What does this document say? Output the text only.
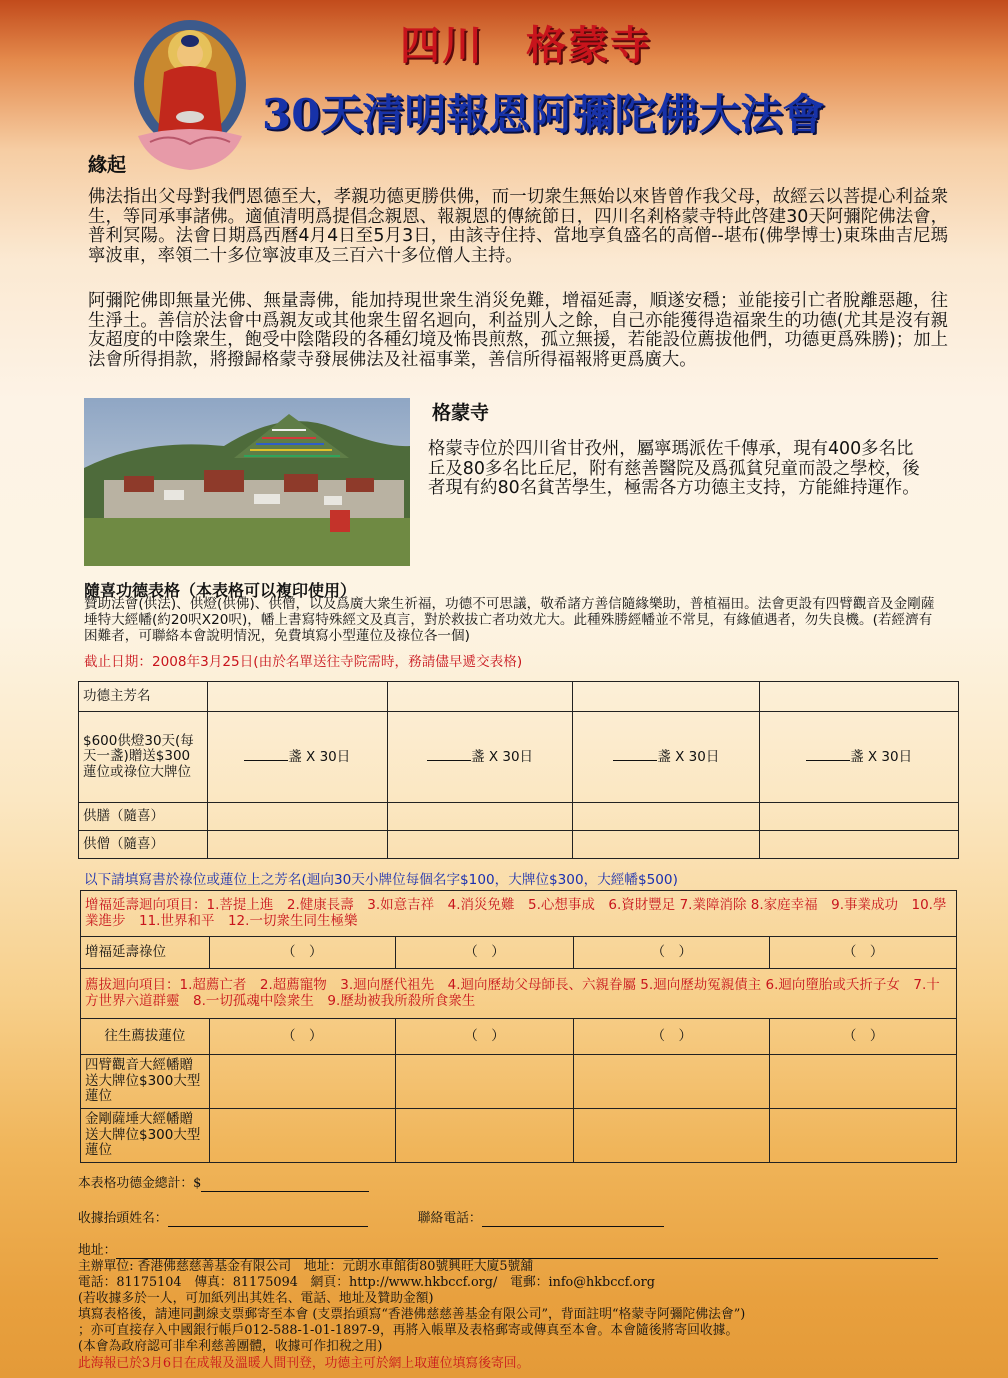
四川　格蒙寺
30天清明報恩阿彌陀佛大法會
緣起
佛法指出父母對我們恩德至大，孝親功德更勝供佛，而一切衆生無始以來皆曾作我父母，故經云以菩提心利益衆生，等同承事諸佛。適値清明爲提倡念親恩、報親恩的傳統節日，四川名剎格蒙寺特此啓建30天阿彌陀佛法會，普利冥陽。法會日期爲西曆4月4日至5月3日，由該寺住持、當地享負盛名的高僧--堪布(佛學博士)東珠曲吉尼瑪寧波車，率領二十多位寧波車及三百六十多位僧人主持。
阿彌陀佛即無量光佛、無量壽佛，能加持現世衆生消災免難，增福延壽，順遂安穩；並能接引亡者脫離惡趣，往生淨土。善信於法會中爲親友或其他衆生留名迴向，利益別人之餘，自己亦能獲得造福衆生的功德(尤其是沒有親友超度的中陰衆生，飽受中陰階段的各種幻境及怖畏煎熬，孤立無援，若能設位薦拔他們，功德更爲殊勝)；加上法會所得捐款，將撥歸格蒙寺發展佛法及社福事業，善信所得福報將更爲廣大。
格蒙寺
格蒙寺位於四川省甘孜州，屬寧瑪派佐千傳承，現有400多名比丘及80多名比丘尼，附有慈善醫院及爲孤貧兒童而設之學校，後者現有約80名貧苦學生，極需各方功德主支持，方能維持運作。
隨喜功德表格（本表格可以複印使用）
贊助法會(供法)、供燈(供佛)、供僧，以及爲廣大衆生祈福，功德不可思議，敬希諸方善信隨緣樂助，普植福田。法會更設有四臂觀音及金剛薩埵特大經幡(約20呎X20呎)，幡上書寫特殊經文及真言，對於救拔亡者功效尤大。此種殊勝經幡並不常見，有緣値遇者，勿失良機。(若經濟有困難者，可聯絡本會說明情況，免費填寫小型蓮位及祿位各一個)
截止日期：2008年3月25日(由於名單送往寺院需時，務請儘早遞交表格)
功德主芳名				
$600供燈30天(每天一盞)贈送$300蓮位或祿位大牌位	盞 X 30日	盞 X 30日	盞 X 30日	盞 X 30日
供膳（隨喜）				
供僧（隨喜）				
以下請填寫書於祿位或蓮位上之芳名(迴向30天小牌位每個名字$100，大牌位$300，大經幡$500)
增福延壽迴向項目：1.菩提上進　2.健康長壽　3.如意吉祥　4.消災免難　5.心想事成　6.資財豐足 7.業障消除 8.家庭幸福　9.事業成功　10.學業進步　11.世界和平　12.一切衆生同生極樂				
增福延壽祿位	（　）	（　）	（　）	（　）
薦拔迴向項目：1.超薦亡者　2.超薦寵物　3.迴向歷代祖先　4.迴向歷劫父母師長、六親眷屬 5.迴向歷劫冤親債主 6.迴向墮胎或夭折子女　7.十方世界六道群靈　8.一切孤魂中陰衆生　9.歷劫被我所殺所食衆生				
往生薦拔蓮位	（　）	（　）	（　）	（　）
四臂觀音大經幡贈送大牌位$300大型蓮位				
金剛薩埵大經幡贈送大牌位$300大型蓮位				
本表格功德金總計：$
收據抬頭姓名：	聯絡電話：
地址：
主辦單位: 香港佛慈慈善基金有限公司　地址：元朗水車館街80號興旺大廈5號舖
電話：81175104　傳真：81175094　網頁：http://www.hkbccf.org/　電郵：info@hkbccf.org
(若收據多於一人，可加紙列出其姓名、電話、地址及贊助金額)
填寫表格後，請連同劃線支票郵寄至本會 (支票抬頭寫“香港佛慈慈善基金有限公司”，背面註明“格蒙寺阿彌陀佛法會”)
；亦可直接存入中國銀行帳戶012-588-1-01-1897-9，再將入帳單及表格郵寄或傳真至本會。本會隨後將寄回收據。
(本會為政府認可非牟利慈善團體，收據可作扣稅之用)
此海報已於3月6日在成報及溫暖人間刊登，功德主可於網上取蓮位填寫後寄回。
